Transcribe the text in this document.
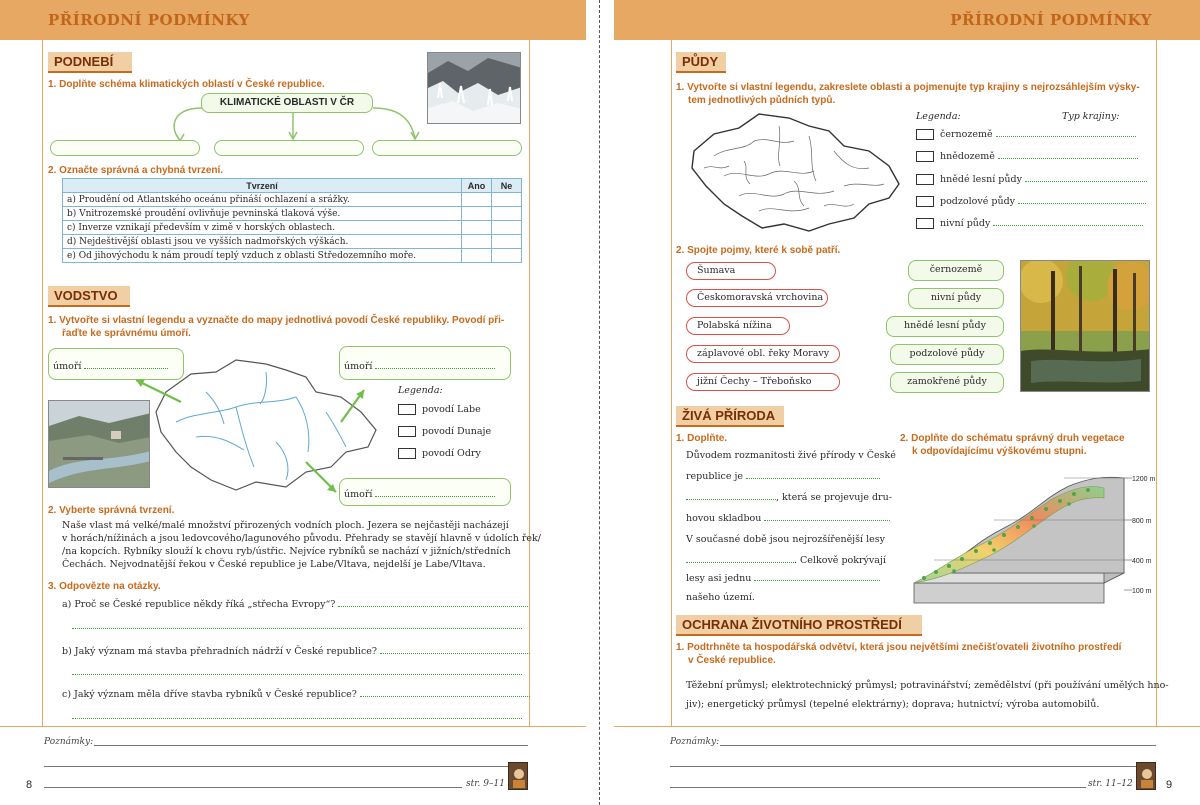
PŘÍRODNÍ PODMÍNKY
PODNEBÍ
1. Doplňte schéma klimatických oblastí v České republice.
KLIMATICKÉ OBLASTI V ČR
2. Označte správná a chybná tvrzení.
Tvrzení	Ano	Ne
a) Proudění od Atlantského oceánu přináší ochlazení a srážky.		
b) Vnitrozemské proudění ovlivňuje pevninská tlaková výše.		
c) Inverze vznikají především v zimě v horských oblastech.		
d) Nejdeštivější oblasti jsou ve vyšších nadmořských výškách.		
e) Od jihovýchodu k nám proudí teplý vzduch z oblasti Středozemního moře.		
VODSTVO
1. Vytvořte si vlastní legendu a vyznačte do mapy jednotlivá povodí České republiky. Povodí při-
řaďte ke správnému úmoří.
úmoří	úmoří
úmoří
Legenda:
povodí Labe
povodí Dunaje
povodí Odry
2. Vyberte správná tvrzení.
Naše vlast má velké/malé množství přirozených vodních ploch. Jezera se nejčastěji nacházejí
v horách/nížinách a jsou ledovcového/lagunového původu. Přehrady se stavějí hlavně v údolích řek/
/na kopcích. Rybníky slouží k chovu ryb/ústřic. Nejvíce rybníků se nachází v jižních/středních
Čechách. Nejvodnatější řekou v České republice je Labe/Vltava, nejdelší je Labe/Vltava.
3. Odpovězte na otázky.
a) Proč se České republice někdy říká „střecha Evropy“?
b) Jaký význam má stavba přehradních nádrží v České republice?
c) Jaký význam měla dříve stavba rybníků v České republice?
Poznámky:
8	str. 9–11
PŘÍRODNÍ PODMÍNKY
PŮDY
1. Vytvořte si vlastní legendu, zakreslete oblasti a pojmenujte typ krajiny s nejrozsáhlejším výsky-
tem jednotlivých půdních typů.
Legenda:	Typ krajiny:
černozemě
hnědozemě
hnědé lesní půdy
podzolové půdy
nivní půdy
2. Spojte pojmy, které k sobě patří.
Šumava
Českomoravská vrchovina
Polabská nížina
záplavové obl. řeky Moravy
jižní Čechy – Třeboňsko
černozemě
nivní půdy
hnědé lesní půdy
podzolové půdy
zamokřené půdy
ŽIVÁ PŘÍRODA
1. Doplňte.
Důvodem rozmanitosti živé přírody v České
republice je
, která se projevuje dru-
hovou skladbou
V současné době jsou nejrozšířenější lesy
. Celkově pokrývají
lesy asi jednu
našeho území.
2. Doplňte do schématu správný druh vegetace
k odpovídajícímu výškovému stupni.
1200 m
800 m
400 m
100 m
OCHRANA ŽIVOTNÍHO PROSTŘEDÍ
1. Podtrhněte ta hospodářská odvětví, která jsou největšími znečišťovateli životního prostředí
v České republice.
Těžební průmysl; elektrotechnický průmysl; potravinářství; zemědělství (při používání umělých hno-
jiv); energetický průmysl (tepelné elektrárny); doprava; hutnictví; výroba automobilů.
Poznámky:
str. 11–12	9
